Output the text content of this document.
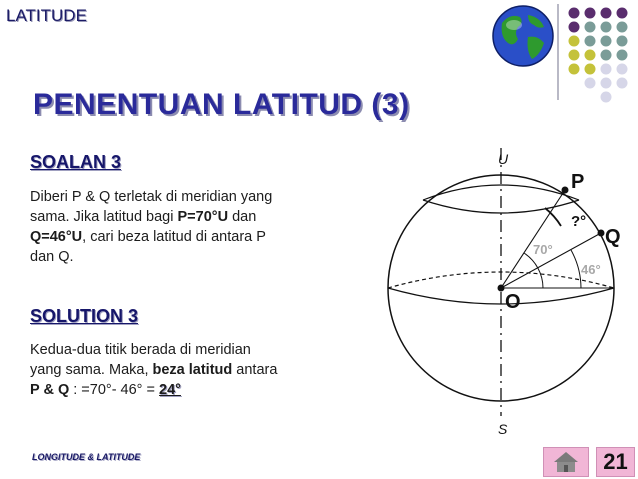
LATITUDE
PENENTUAN LATITUD (3)
SOALAN 3
Diberi P & Q terletak di meridian yang
sama. Jika latitud bagi P=70°U dan
Q=46°U, cari beza latitud di antara P
dan Q.
SOLUTION 3
Kedua-dua titik berada di meridian
yang sama. Maka, beza latitud antara
P & Q : =70°- 46° = 24°
U
S
P
Q
O
?°
70°
46°
LONGITUDE & LATITUDE	21
